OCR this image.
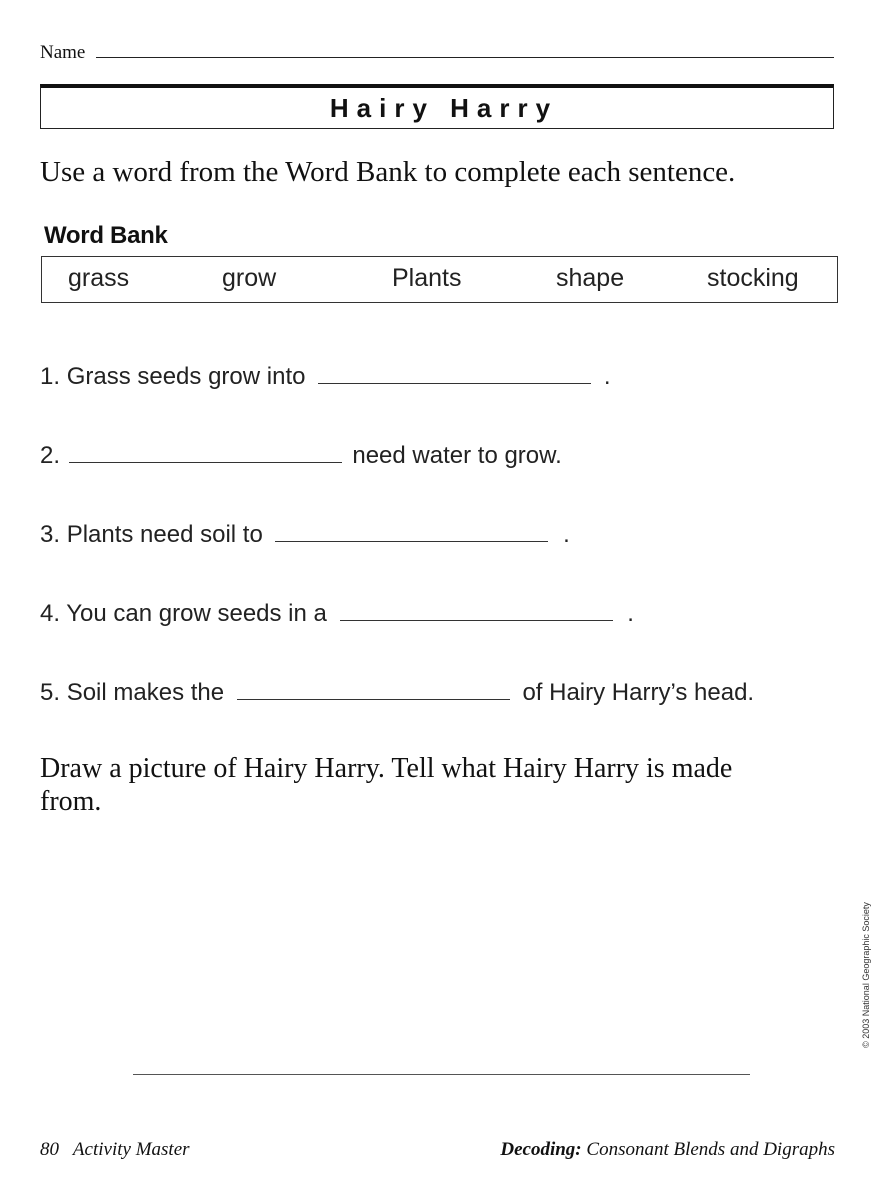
Name
Hairy Harry
Use a word from the Word Bank to complete each sentence.
Word Bank
grass	grow	Plants	shape	stocking
1. Grass seeds grow into	.
2.	need water to grow.
3. Plants need soil to	.
4. You can grow seeds in a	.
5. Soil makes the	of Hairy Harry’s head.
Draw a picture of Hairy Harry. Tell what Hairy Harry is made from.
© 2003 National Geographic Society
80 Activity Master	Decoding: Consonant Blends and Digraphs
